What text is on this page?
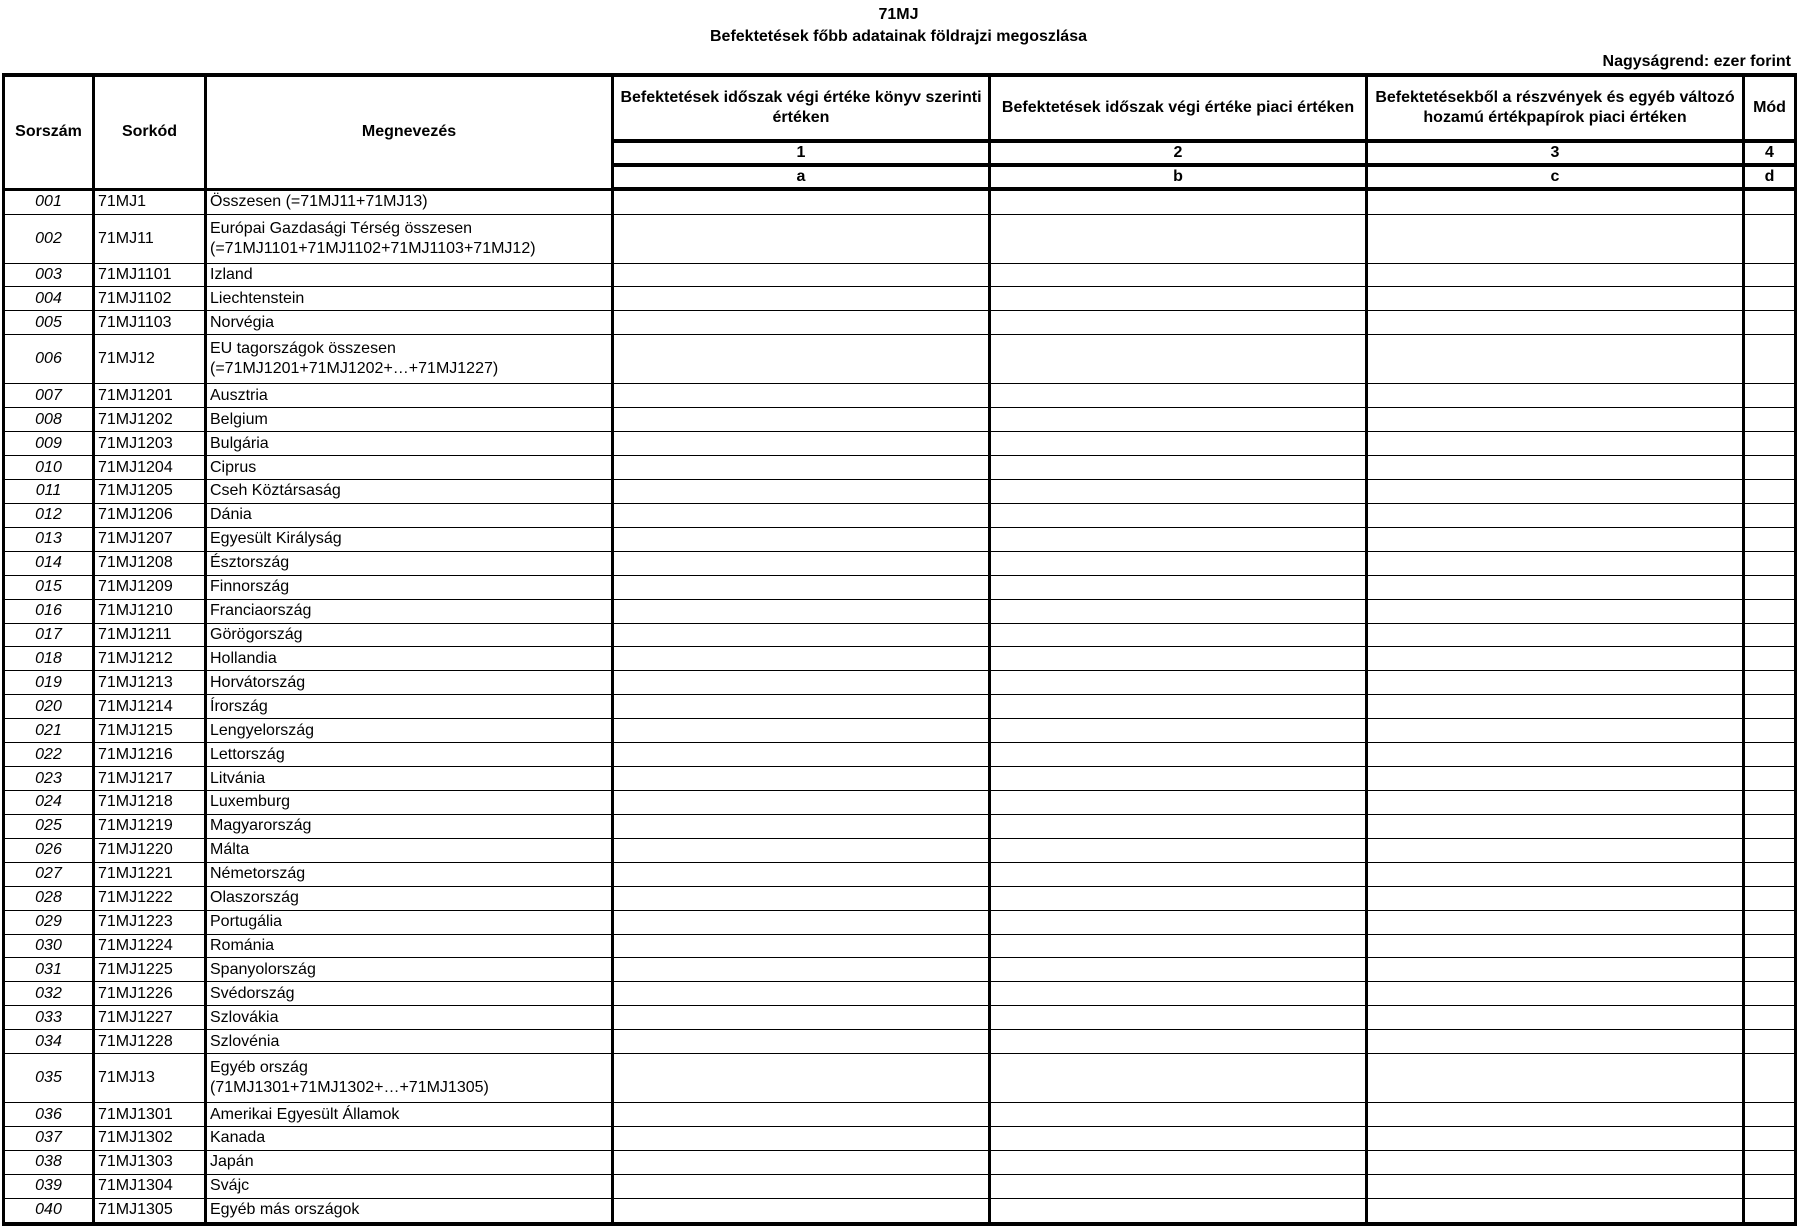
71MJ
Befektetések főbb adatainak földrajzi megoszlása
Nagyságrend: ezer forint
Sorszám	Sorkód	Megnevezés	Befektetések időszak végi értéke könyv szerinti értéken	Befektetések időszak végi értéke piaci értéken	Befektetésekből a részvények és egyéb változó hozamú értékpapírok piaci értéken	Mód
			1	2	3	4
			a	b	c	d
001	71MJ1	Összesen (=71MJ11+71MJ13)				

002	71MJ11	Európai Gazdasági Térség összesen
(=71MJ1101+71MJ1102+71MJ1103+71MJ12)				

003	71MJ1101	Izland				

004	71MJ1102	Liechtenstein				

005	71MJ1103	Norvégia				

006	71MJ12	EU tagországok összesen
(=71MJ1201+71MJ1202+…+71MJ1227)				

007	71MJ1201	Ausztria				

008	71MJ1202	Belgium				

009	71MJ1203	Bulgária				

010	71MJ1204	Ciprus				

011	71MJ1205	Cseh Köztársaság				

012	71MJ1206	Dánia				

013	71MJ1207	Egyesült Királyság				

014	71MJ1208	Észtország				

015	71MJ1209	Finnország				

016	71MJ1210	Franciaország				

017	71MJ1211	Görögország				

018	71MJ1212	Hollandia				

019	71MJ1213	Horvátország				

020	71MJ1214	Írország				

021	71MJ1215	Lengyelország				

022	71MJ1216	Lettország				

023	71MJ1217	Litvánia				

024	71MJ1218	Luxemburg				

025	71MJ1219	Magyarország				

026	71MJ1220	Málta				

027	71MJ1221	Németország				

028	71MJ1222	Olaszország				

029	71MJ1223	Portugália				

030	71MJ1224	Románia				

031	71MJ1225	Spanyolország				

032	71MJ1226	Svédország				

033	71MJ1227	Szlovákia				

034	71MJ1228	Szlovénia				

035	71MJ13	Egyéb ország
(71MJ1301+71MJ1302+…+71MJ1305)				

036	71MJ1301	Amerikai Egyesült Államok				

037	71MJ1302	Kanada				

038	71MJ1303	Japán				

039	71MJ1304	Svájc				

040	71MJ1305	Egyéb más országok				
